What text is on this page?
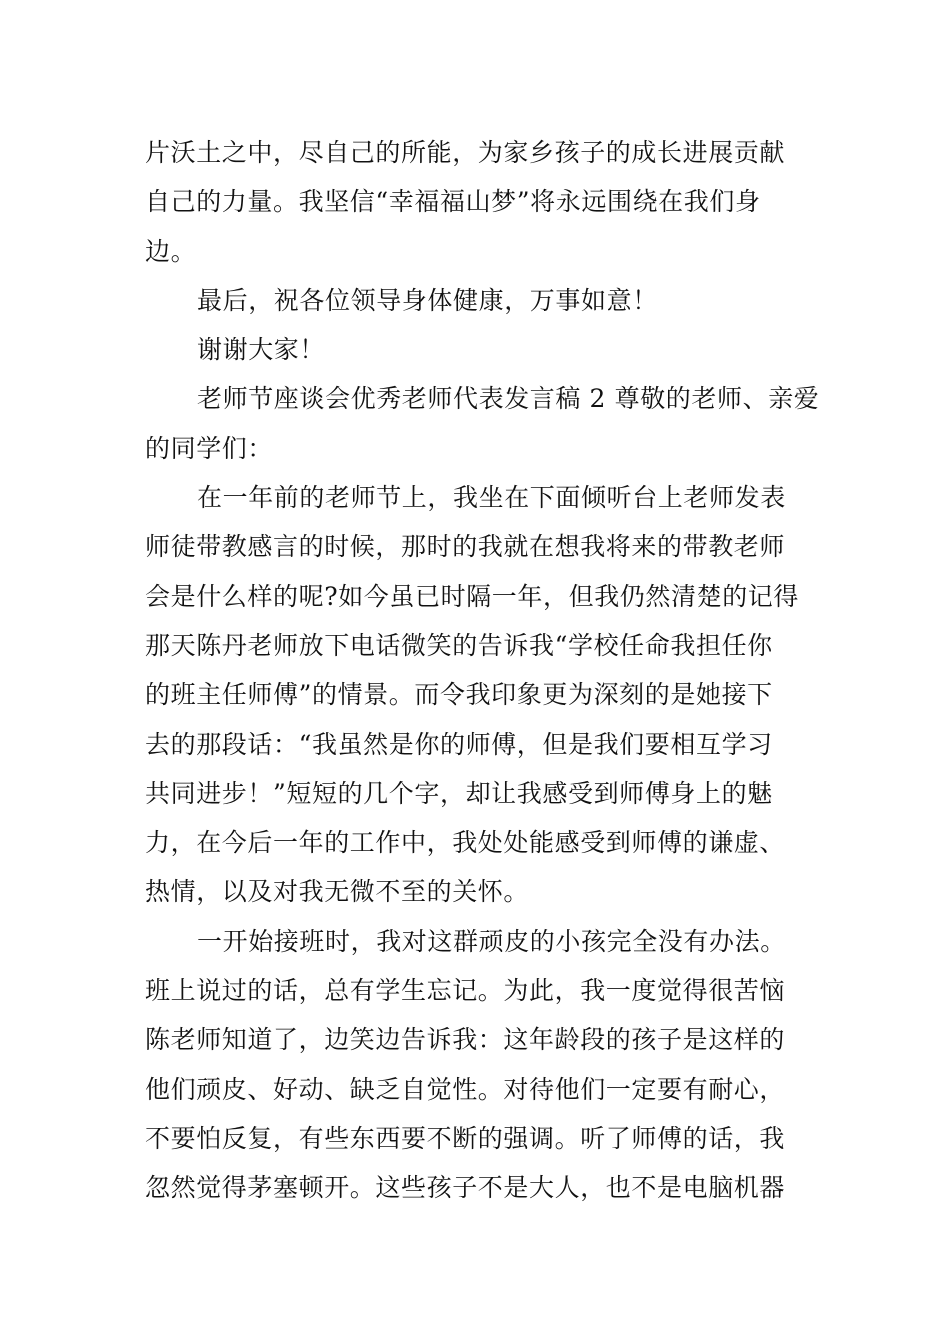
片沃土之中，尽自己的所能，为家乡孩子的成长进展贡献
自己的力量。我坚信“幸福福山梦”将永远围绕在我们身
边。
最后，祝各位领导身体健康，万事如意！
谢谢大家！
老师节座谈会优秀老师代表发言稿 2 尊敬的老师、亲爱
的同学们：
在一年前的老师节上，我坐在下面倾听台上老师发表
师徒带教感言的时候，那时的我就在想我将来的带教老师
会是什么样的呢?如今虽已时隔一年，但我仍然清楚的记得
那天陈丹老师放下电话微笑的告诉我“学校任命我担任你
的班主任师傅”的情景。而令我印象更为深刻的是她接下
去的那段话：“我虽然是你的师傅，但是我们要相互学习
共同进步！”短短的几个字，却让我感受到师傅身上的魅
力，在今后一年的工作中，我处处能感受到师傅的谦虚、
热情，以及对我无微不至的关怀。
一开始接班时，我对这群顽皮的小孩完全没有办法。
班上说过的话，总有学生忘记。为此，我一度觉得很苦恼
陈老师知道了，边笑边告诉我：这年龄段的孩子是这样的
他们顽皮、好动、缺乏自觉性。对待他们一定要有耐心，
不要怕反复，有些东西要不断的强调。听了师傅的话，我
忽然觉得茅塞顿开。这些孩子不是大人，也不是电脑机器
